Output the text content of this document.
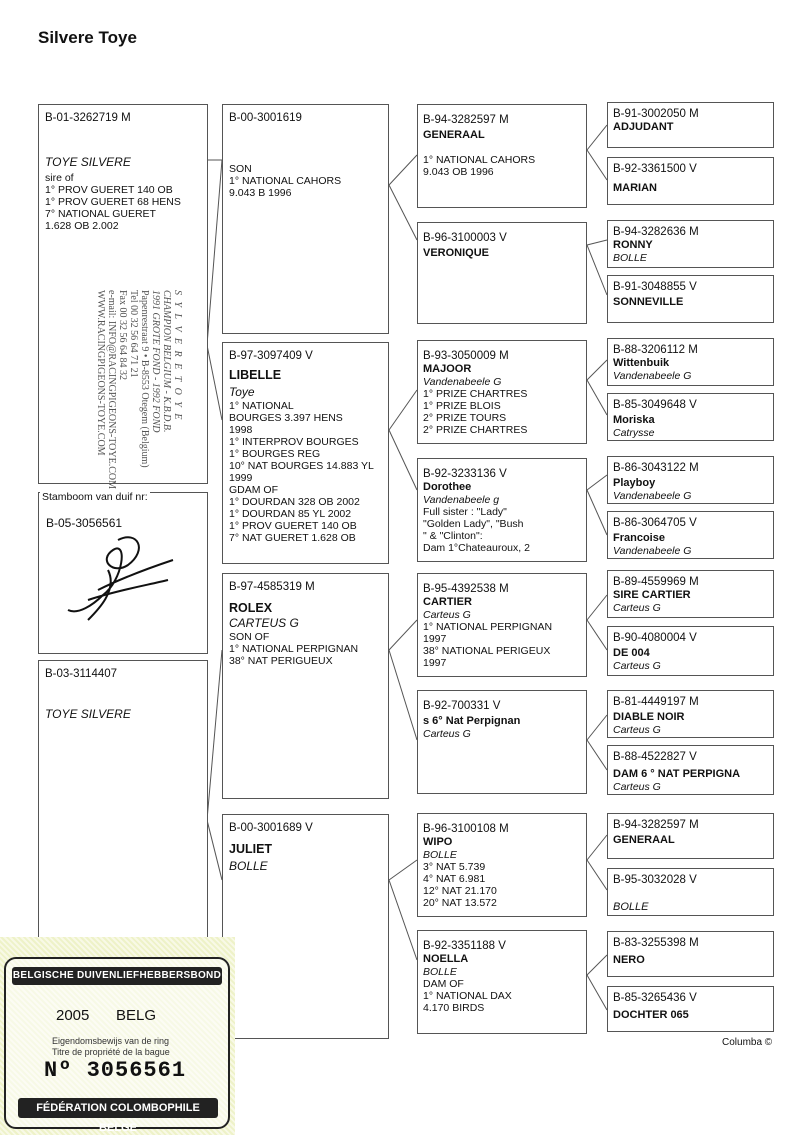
Silvere Toye
B-01-3262719 M
TOYE SILVERE
sire of
1° PROV GUERET 140 OB
1° PROV GUERET 68 HENS
7° NATIONAL GUERET
1.628 OB 2.002
S Y L V E R E T O Y E
CHAMPION BELGIUM - K.B.D.B.
1991 GROTE FOND - 1992 FOND
Papenrestraat 9 • B-8553 Otegem (Belgium)
Tel 00 32 56 64 71 21
Fax 00 32 56 64 84 32
e-mail: INFO@RACINGPIGEONS-TOYE.COM
WWW.RACINGPIGEONS-TOYE.COM
Stamboom van duif nr:
B-05-3056561
B-03-3114407
TOYE SILVERE
B-00-3001619
SON
1° NATIONAL CAHORS
9.043 B 1996
B-97-3097409 V
LIBELLE
Toye
1° NATIONAL
BOURGES 3.397 HENS
1998
1° INTERPROV BOURGES
1° BOURGES REG
10° NAT BOURGES 14.883 YL
1999
GDAM OF
1° DOURDAN 328 OB 2002
1° DOURDAN 85 YL 2002
1° PROV GUERET 140 OB
7° NAT GUERET 1.628 OB
B-97-4585319 M
ROLEX
CARTEUS G
SON OF
1° NATIONAL PERPIGNAN
38° NAT PERIGUEUX
B-00-3001689 V
JULIET
BOLLE
B-94-3282597 M
GENERAAL
1° NATIONAL CAHORS
9.043 OB 1996
B-96-3100003 V
VERONIQUE
B-93-3050009 M
MAJOOR
Vandenabeele G
1° PRIZE CHARTRES
1° PRIZE BLOIS
2° PRIZE TOURS
2° PRIZE CHARTRES
B-92-3233136 V
Dorothee
Vandenabeele g
Full sister : "Lady"
"Golden Lady", "Bush
" & "Clinton":
Dam 1°Chateauroux, 2
B-95-4392538 M
CARTIER
Carteus G
1° NATIONAL PERPIGNAN
1997
38° NATIONAL PERIGEUX
1997
B-92-700331 V
s 6° Nat Perpignan
Carteus G
B-96-3100108 M
WIPO
BOLLE
3° NAT 5.739
4° NAT 6.981
12° NAT 21.170
20° NAT 13.572
B-92-3351188 V
NOELLA
BOLLE
DAM OF
1° NATIONAL DAX
4.170 BIRDS
B-91-3002050 M
ADJUDANT
B-92-3361500 V
MARIAN
B-94-3282636 M
RONNY
BOLLE
B-91-3048855 V
SONNEVILLE
B-88-3206112 M
Wittenbuik
Vandenabeele G
B-85-3049648 V
Moriska
Catrysse
B-86-3043122 M
Playboy
Vandenabeele G
B-86-3064705 V
Francoise
Vandenabeele G
B-89-4559969 M
SIRE CARTIER
Carteus G
B-90-4080004 V
DE 004
Carteus G
B-81-4449197 M
DIABLE NOIR
Carteus G
B-88-4522827 V
DAM 6 ° NAT PERPIGNA
Carteus G
B-94-3282597 M
GENERAAL
B-95-3032028 V
BOLLE
B-83-3255398 M
NERO
B-85-3265436 V
DOCHTER 065
Columba ©
BELGISCHE DUIVENLIEFHEBBERSBOND
2005 BELG
Eigendomsbewijs van de ring
Titre de propriété de la bague
Nº 3056561
FÉDÉRATION COLOMBOPHILE BELGE
